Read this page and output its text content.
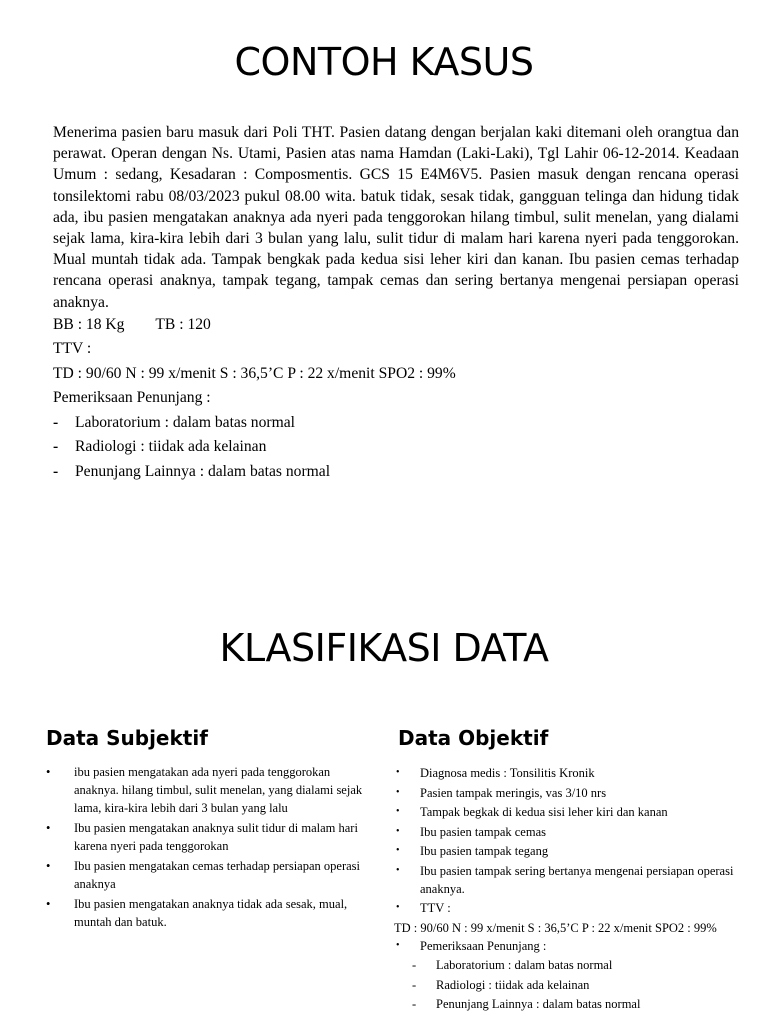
CONTOH KASUS

Menerima pasien baru masuk dari Poli THT. Pasien datang dengan berjalan kaki ditemani oleh orangtua dan perawat. Operan dengan Ns. Utami, Pasien atas nama Hamdan (Laki-Laki), Tgl Lahir 06-12-2014. Keadaan Umum : sedang, Kesadaran : Composmentis. GCS 15 E4M6V5. Pasien masuk dengan rencana operasi tonsilektomi rabu 08/03/2023 pukul 08.00 wita. batuk tidak, sesak tidak, gangguan telinga dan hidung tidak ada, ibu pasien mengatakan anaknya ada nyeri pada tenggorokan hilang timbul, sulit menelan, yang dialami sejak lama, kira-kira lebih dari 3 bulan yang lalu, sulit tidur di malam hari karena nyeri pada tenggorokan. Mual muntah tidak ada. Tampak bengkak pada kedua sisi leher kiri dan kanan. Ibu pasien cemas terhadap rencana operasi anaknya, tampak tegang, tampak cemas dan sering bertanya mengenai persiapan operasi anaknya.

BB : 18 Kg        TB : 120
TTV :
TD : 90/60 N : 99 x/menit S : 36,5’C P : 22 x/menit SPO2 : 99%
Pemeriksaan Penunjang :
- Laboratorium : dalam batas normal
- Radiologi : tiidak ada kelainan
- Penunjang Lainnya : dalam batas normal
KLASIFIKASI DATA
Data Subjektif
• ibu pasien mengatakan ada nyeri pada tenggorokan anaknya. hilang timbul, sulit menelan, yang dialami sejak lama, kira-kira lebih dari 3 bulan yang lalu
• Ibu pasien mengatakan anaknya sulit tidur di malam hari karena nyeri pada tenggorokan
• Ibu pasien mengatakan cemas terhadap persiapan operasi anaknya
• Ibu pasien mengatakan anaknya tidak ada sesak, mual, muntah dan batuk.
Data Objektif
• Diagnosa medis : Tonsilitis Kronik
• Pasien tampak meringis, vas 3/10 nrs
• Tampak begkak di kedua sisi leher kiri dan kanan
• Ibu pasien tampak cemas
• Ibu pasien tampak tegang
• Ibu pasien tampak sering bertanya mengenai persiapan operasi anaknya.
• TTV :

TD : 90/60 N : 99 x/menit S : 36,5’C P : 22 x/menit SPO2 : 99%

• Pemeriksaan Penunjang :
- Laboratorium : dalam batas normal
- Radiologi : tiidak ada kelainan
- Penunjang Lainnya : dalam batas normal
